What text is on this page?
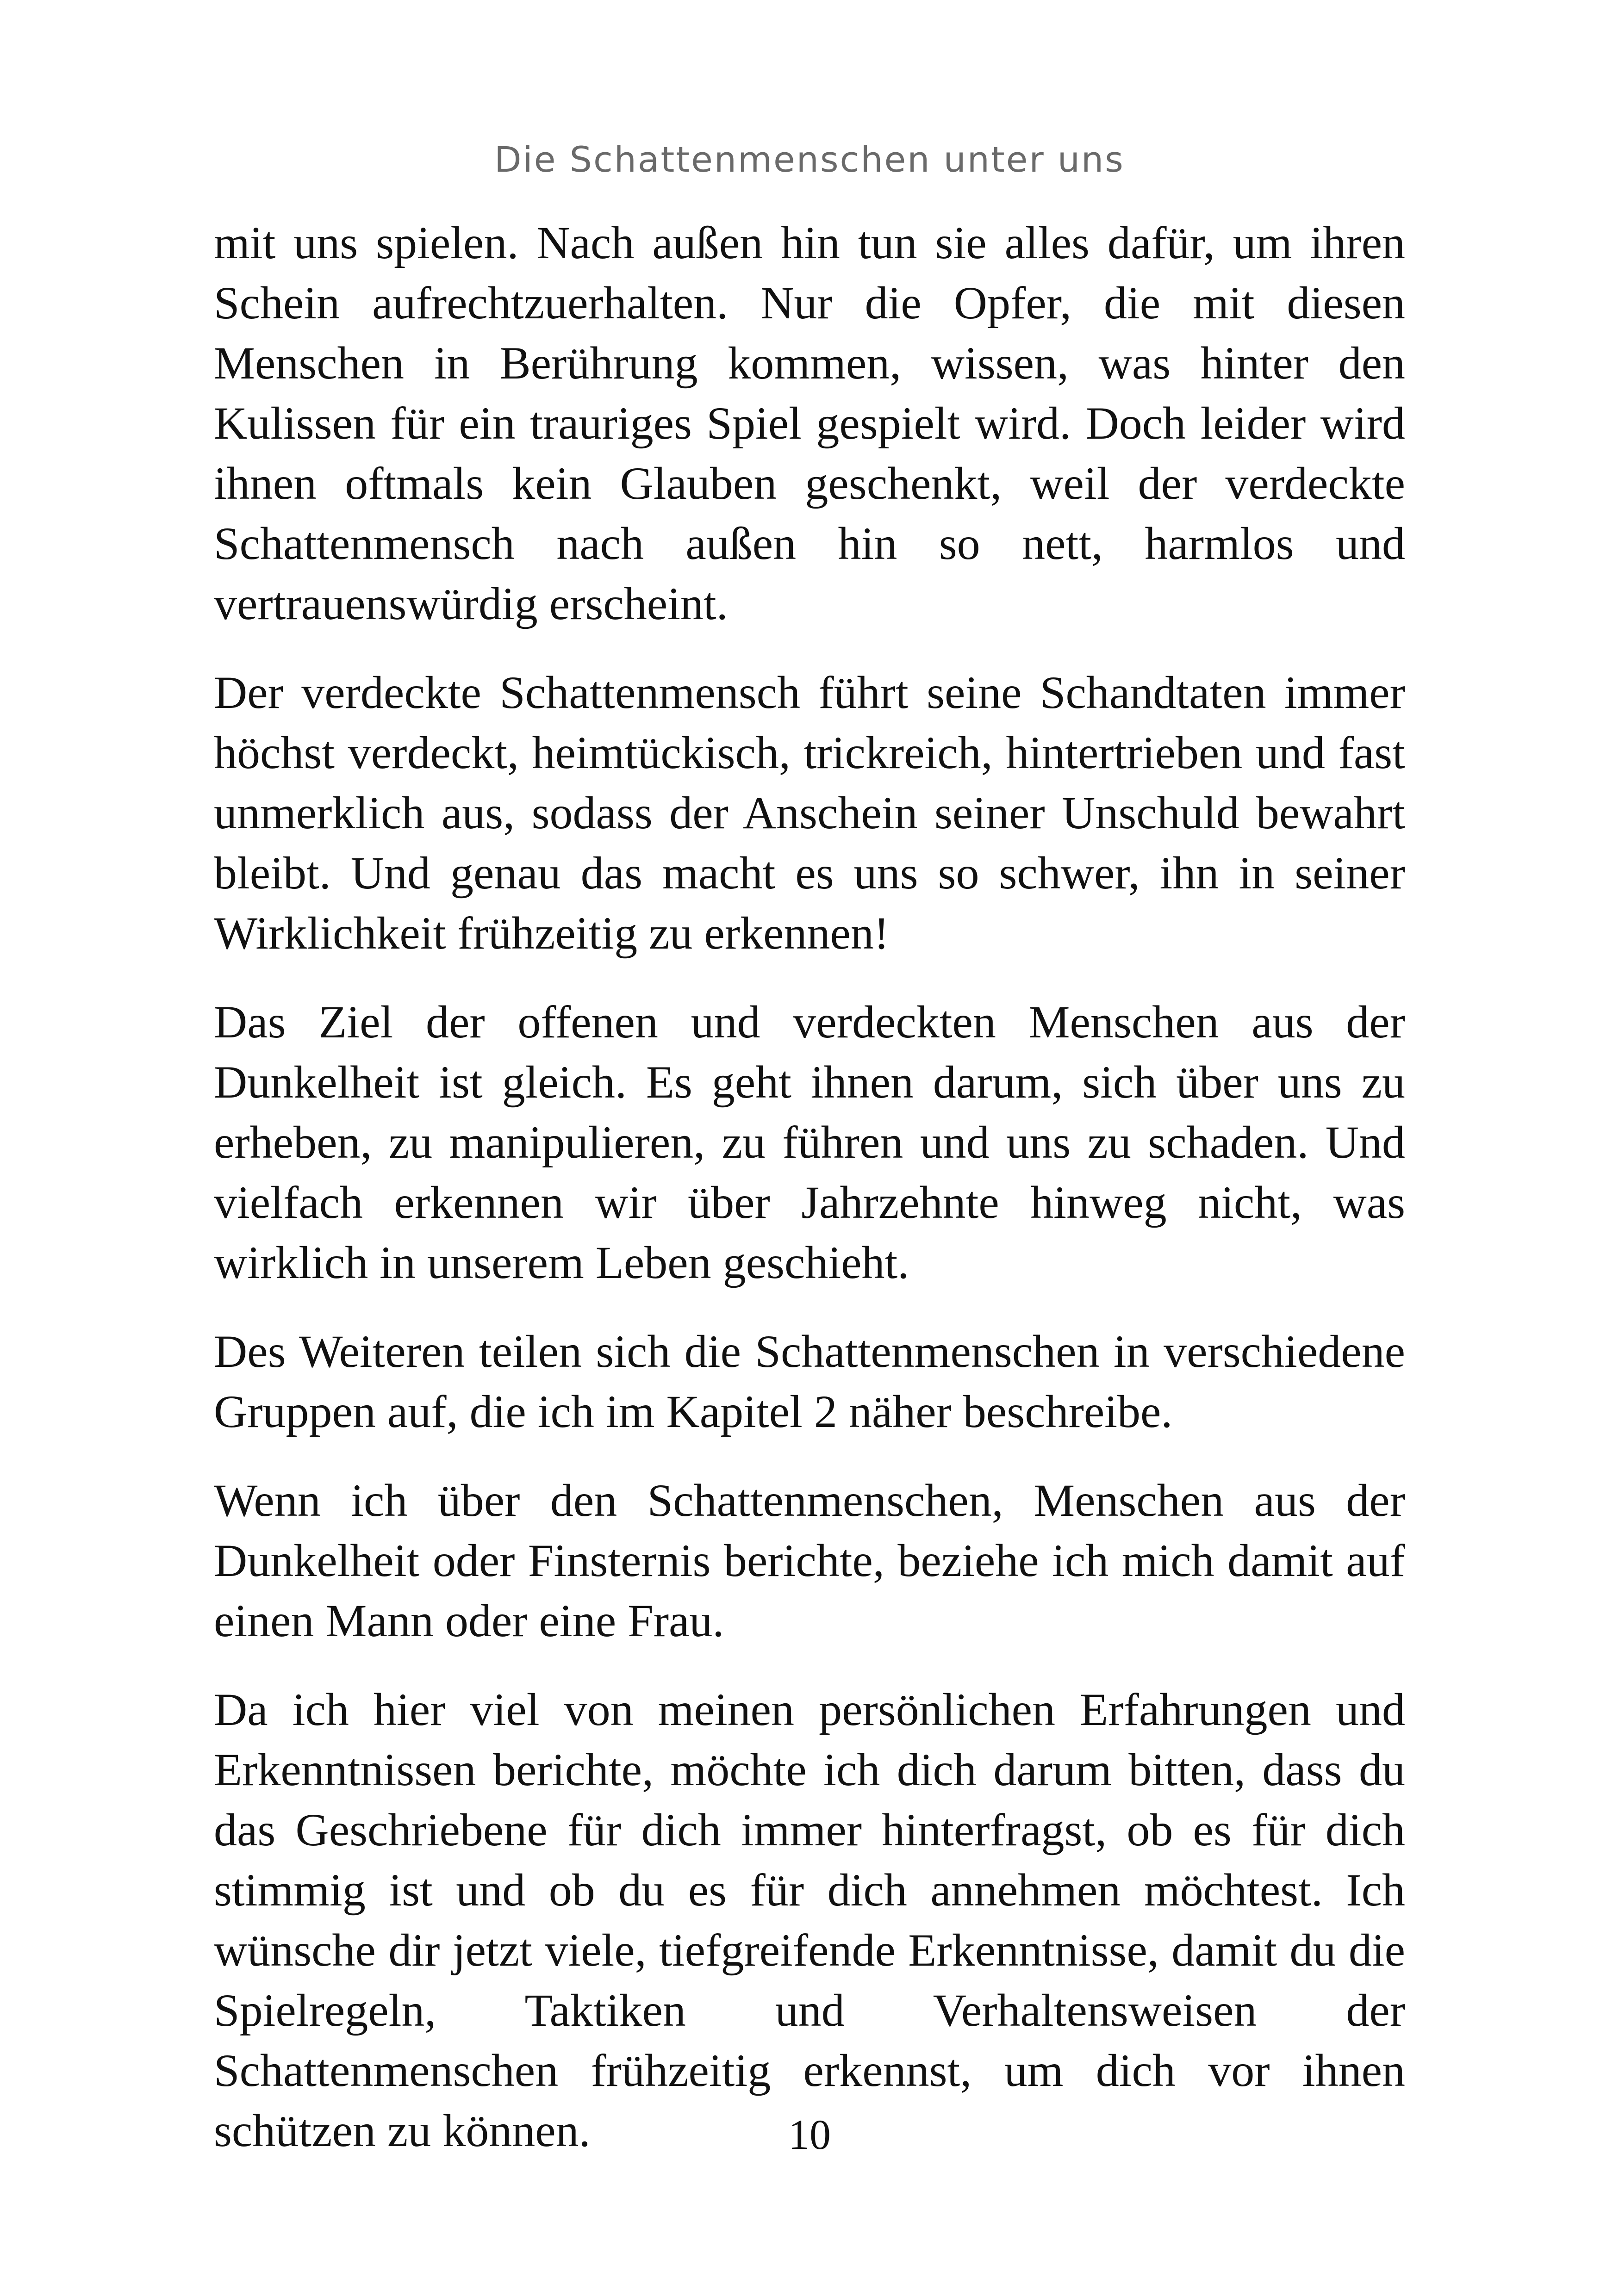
Die Schattenmenschen unter uns

mit uns spielen. Nach außen hin tun sie alles dafür, um ihren Schein aufrechtzuerhalten. Nur die Opfer, die mit diesen Menschen in Berührung kommen, wissen, was hinter den Kulissen für ein trauriges Spiel gespielt wird. Doch leider wird ihnen oftmals kein Glauben geschenkt, weil der verdeckte Schattenmensch nach außen hin so nett, harmlos und vertrauenswürdig erscheint.

Der verdeckte Schattenmensch führt seine Schandtaten immer höchst verdeckt, heimtückisch, trickreich, hintertrieben und fast unmerklich aus, sodass der Anschein seiner Unschuld bewahrt bleibt. Und genau das macht es uns so schwer, ihn in seiner Wirklichkeit frühzeitig zu erkennen!

Das Ziel der offenen und verdeckten Menschen aus der Dunkelheit ist gleich. Es geht ihnen darum, sich über uns zu erheben, zu manipulieren, zu führen und uns zu schaden. Und vielfach erkennen wir über Jahrzehnte hinweg nicht, was wirklich in unserem Leben geschieht.

Des Weiteren teilen sich die Schattenmenschen in verschiedene Gruppen auf, die ich im Kapitel 2 näher beschreibe.

Wenn ich über den Schattenmenschen, Menschen aus der Dunkelheit oder Finsternis berichte, beziehe ich mich damit auf einen Mann oder eine Frau.

Da ich hier viel von meinen persönlichen Erfahrungen und Erkenntnissen berichte, möchte ich dich darum bitten, dass du das Geschriebene für dich immer hinterfragst, ob es für dich stimmig ist und ob du es für dich annehmen möchtest. Ich wünsche dir jetzt viele, tiefgreifende Erkenntnisse, damit du die Spielregeln, Taktiken und Verhaltensweisen der Schattenmenschen frühzeitig erkennst, um dich vor ihnen schützen zu können.	10
